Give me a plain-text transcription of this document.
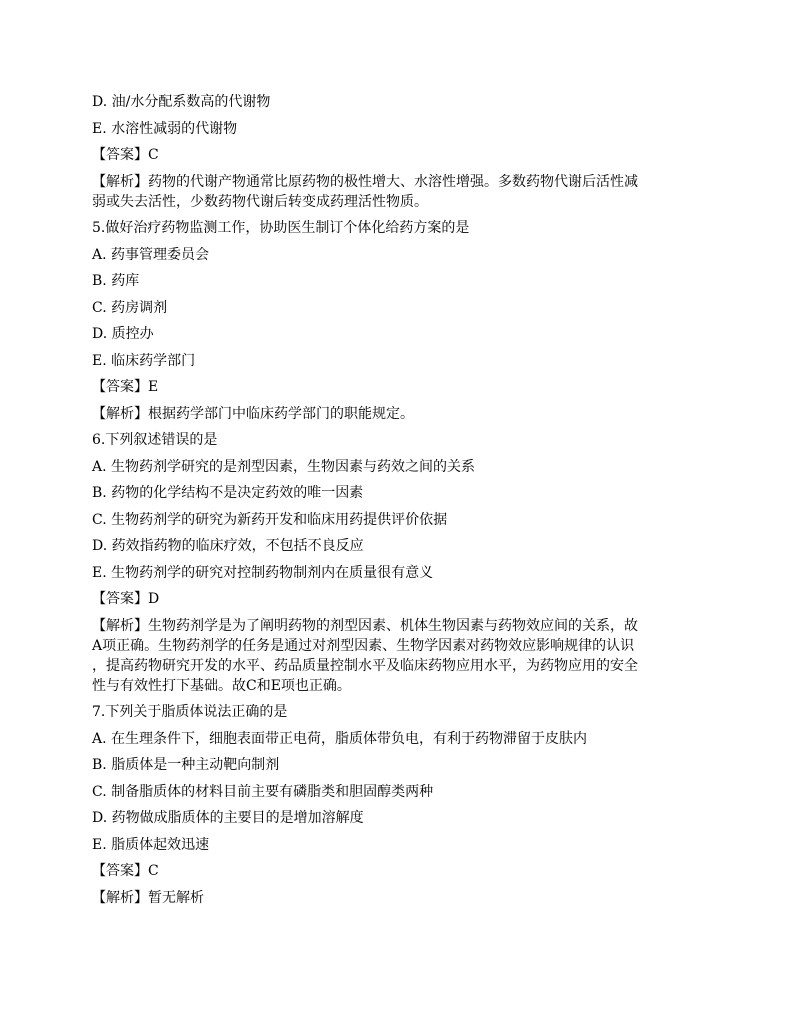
D. 油/水分配系数高的代谢物
E. 水溶性减弱的代谢物
【答案】C
【解析】药物的代谢产物通常比原药物的极性增大、水溶性增强。多数药物代谢后活性减
弱或失去活性，少数药物代谢后转变成药理活性物质。
5.做好治疗药物监测工作，协助医生制订个体化给药方案的是
A. 药事管理委员会
B. 药库
C. 药房调剂
D. 质控办
E. 临床药学部门
【答案】E
【解析】根据药学部门中临床药学部门的职能规定。
6.下列叙述错误的是
A. 生物药剂学研究的是剂型因素，生物因素与药效之间的关系
B. 药物的化学结构不是决定药效的唯一因素
C. 生物药剂学的研究为新药开发和临床用药提供评价依据
D. 药效指药物的临床疗效，不包括不良反应
E. 生物药剂学的研究对控制药物制剂内在质量很有意义
【答案】D
【解析】生物药剂学是为了阐明药物的剂型因素、机体生物因素与药物效应间的关系，故
A项正确。生物药剂学的任务是通过对剂型因素、生物学因素对药物效应影响规律的认识
，提高药物研究开发的水平、药品质量控制水平及临床药物应用水平，为药物应用的安全
性与有效性打下基础。故C和E项也正确。
7.下列关于脂质体说法正确的是
A. 在生理条件下，细胞表面带正电荷，脂质体带负电，有利于药物滞留于皮肤内
B. 脂质体是一种主动靶向制剂
C. 制备脂质体的材料目前主要有磷脂类和胆固醇类两种
D. 药物做成脂质体的主要目的是增加溶解度
E. 脂质体起效迅速
【答案】C
【解析】暂无解析
